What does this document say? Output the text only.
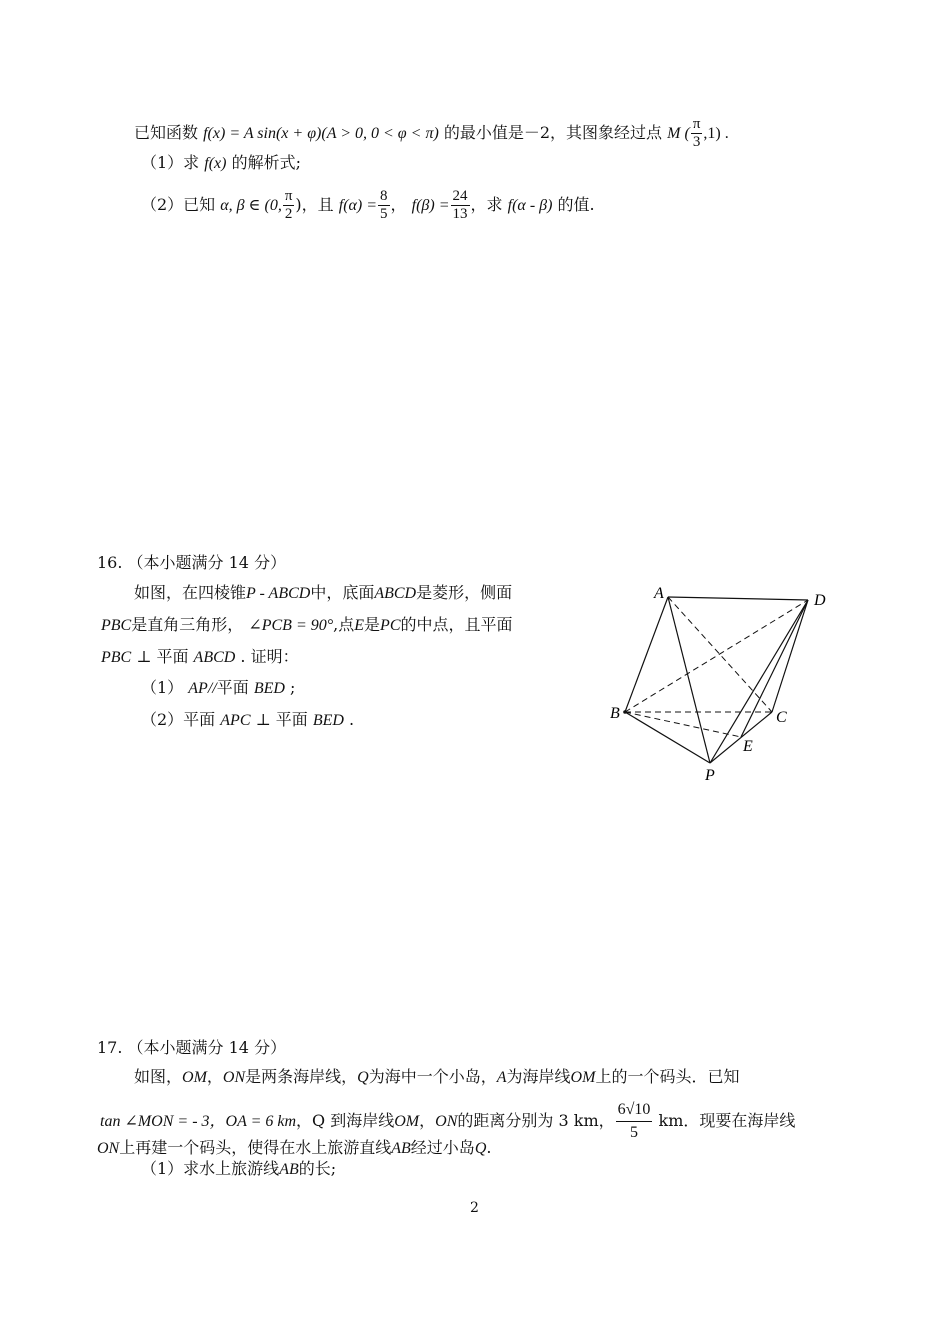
已知函数 f(x) = A sin(x + φ)(A > 0, 0 < φ < π) 的最小值是－2，其图象经过点 M ( $\frac{\pi}{3} ,1$) .
（1）求 f(x) 的解析式;
（2）已知 α, β ∈ (0, $\frac{\pi}{2}$ )，且 $f(\alpha) = \frac{8}{5}$ ， $f(\beta) = \frac{24}{13}$ ，求 f(α - β) 的值.
16. （本小题满分 14 分）
如图，在四棱锥P - ABCD中，底面ABCD是菱形，侧面
PBC是直角三角形， ∠PCB = 90°,点E是PC的中点，且平面
PBC ⊥ 平面 ABCD . 证明：
（1） AP//平面 BED ;
（2）平面 APC ⊥ 平面 BED .
A	D
B	C
E
P
17. （本小题满分 14 分）
如图，OM，ON是两条海岸线，Q为海中一个小岛，A为海岸线OM上的一个码头．已知
tan ∠MON = - 3，OA = 6 km，Q 到海岸线OM，ON的距离分别为 3 km， $\frac{6√10}{5}$ km．现要在海岸线
ON上再建一个码头，使得在水上旅游直线AB经过小岛Q.
（1）求水上旅游线AB的长;
2
